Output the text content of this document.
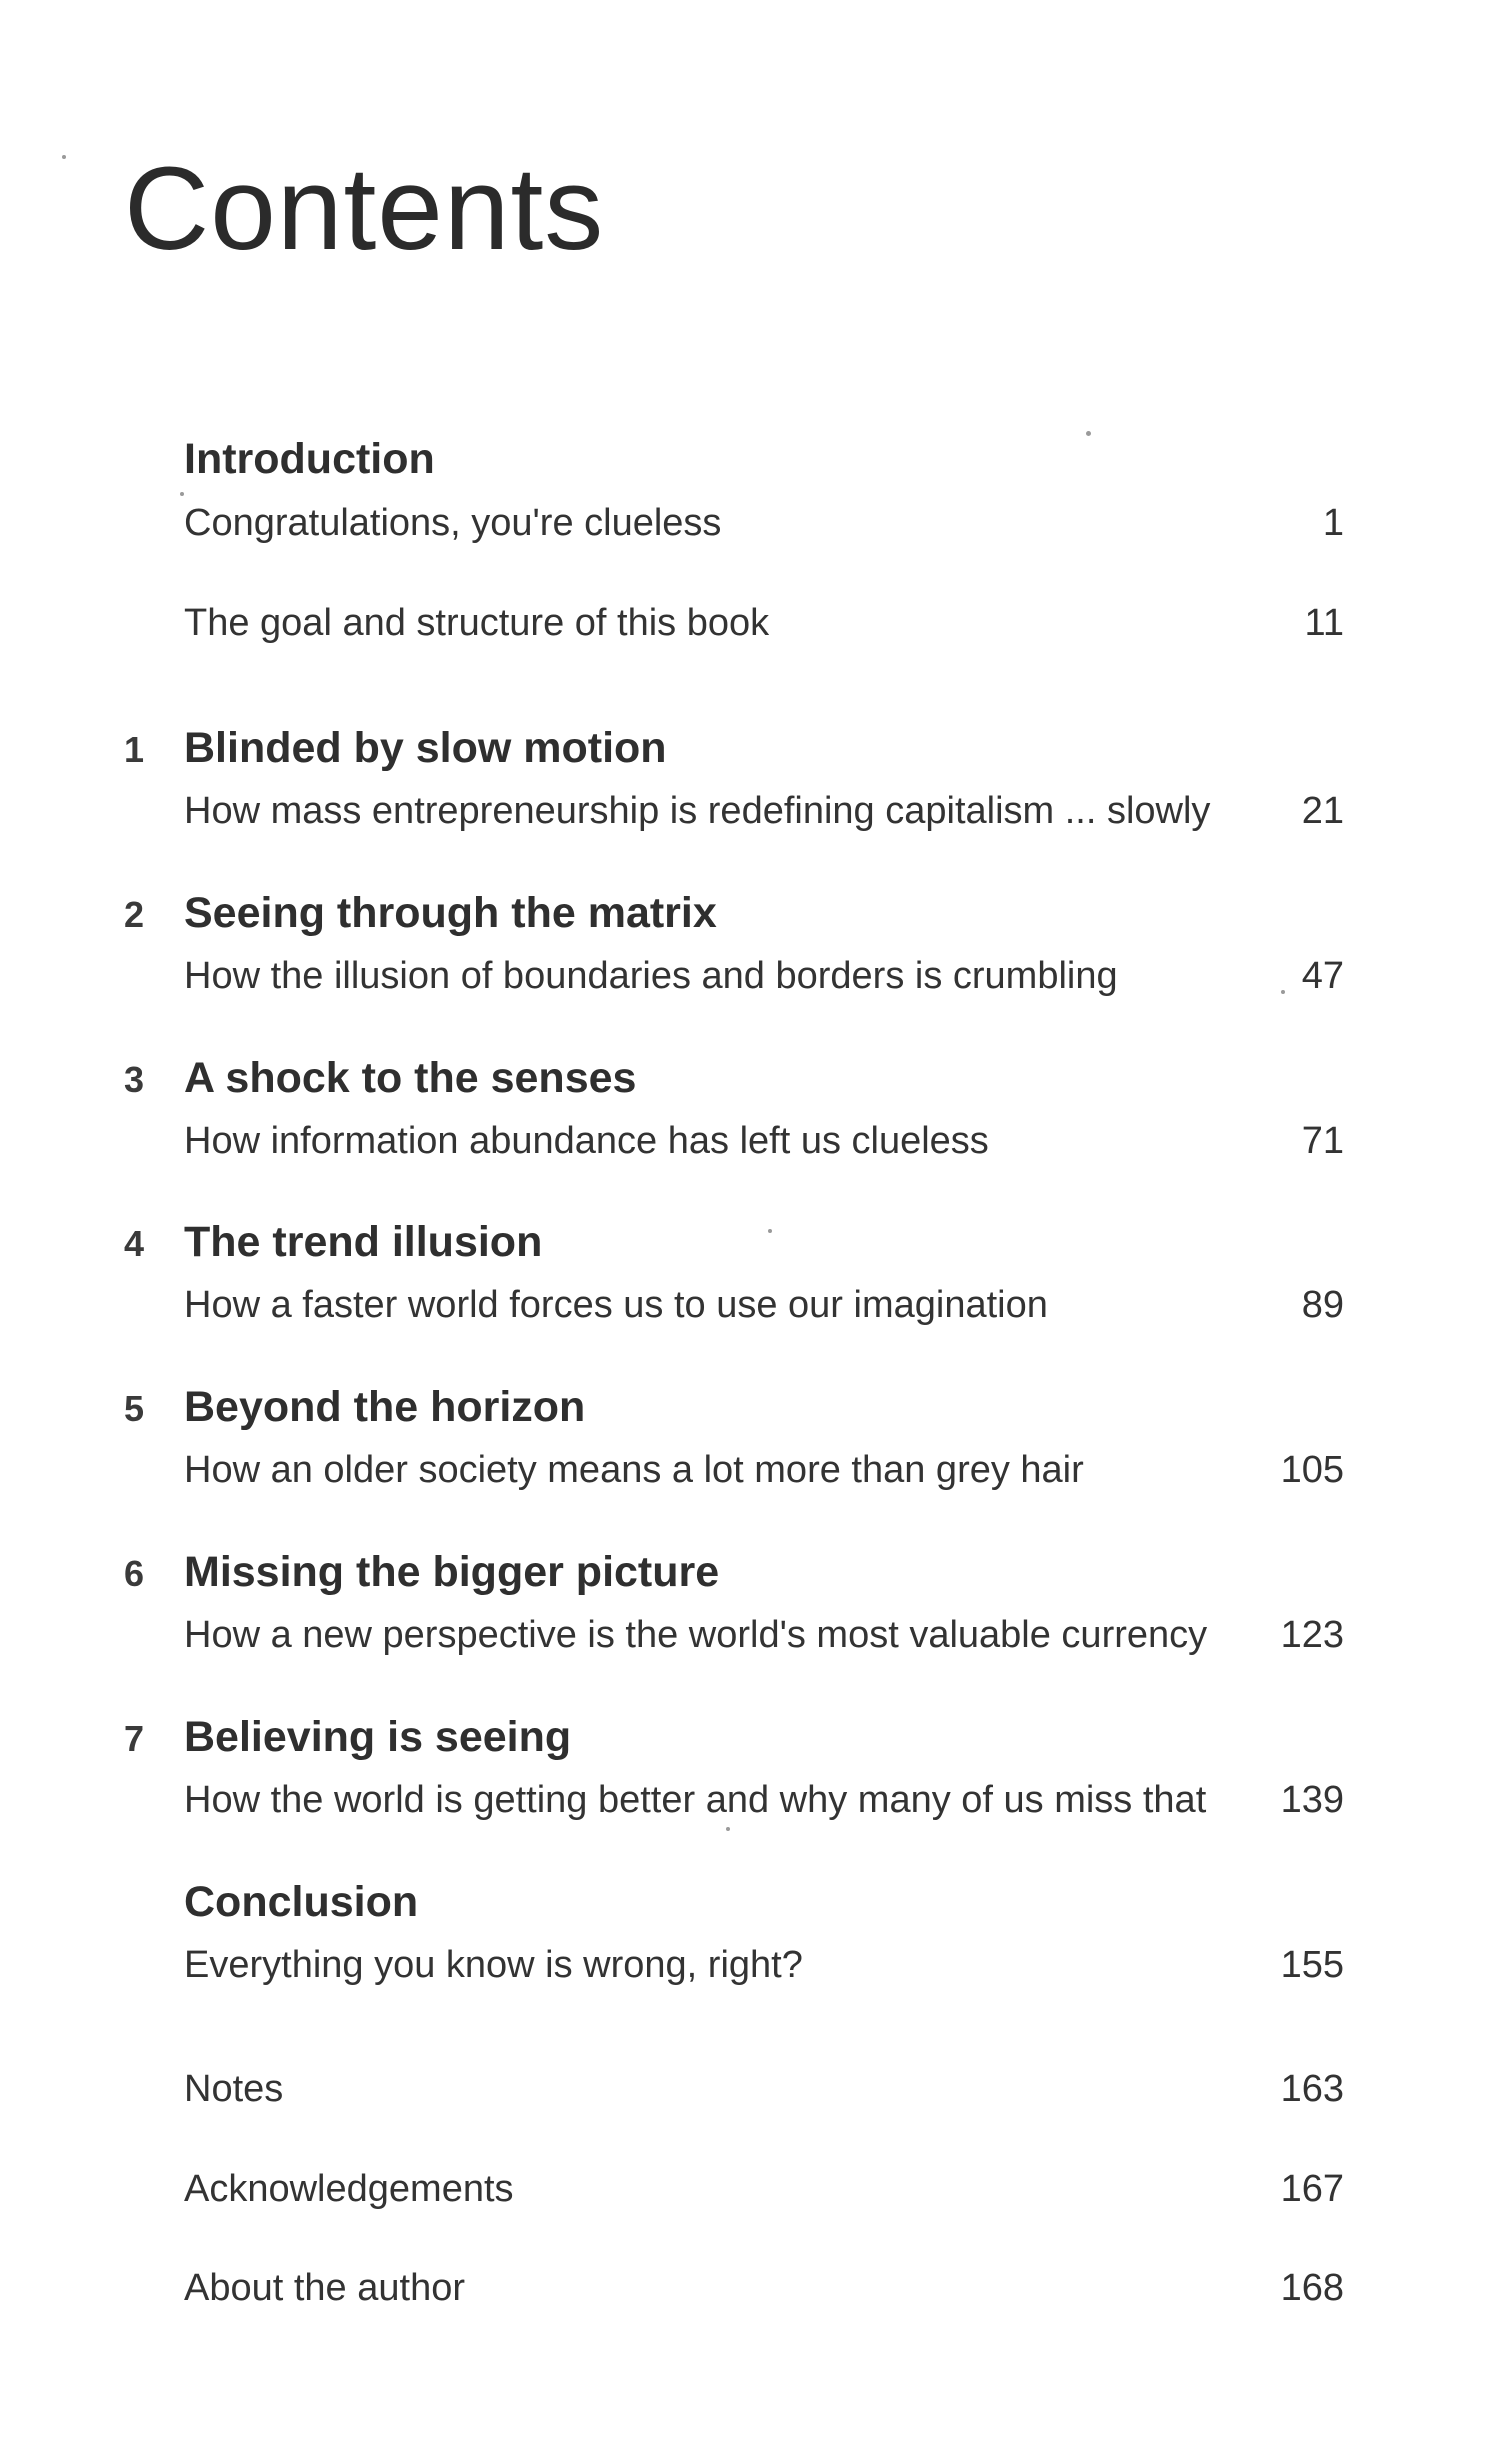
Contents
Introduction
Congratulations, you're clueless	1
The goal and structure of this book	11
1 Blinded by slow motion
How mass entrepreneurship is redefining capitalism ... slowly 21
2 Seeing through the matrix
How the illusion of boundaries and borders is crumbling	47
3 A shock to the senses
How information abundance has left us clueless	71
4 The trend illusion
How a faster world forces us to use our imagination	89
5 Beyond the horizon
How an older society means a lot more than grey hair	105
6 Missing the bigger picture
How a new perspective is the world's most valuable currency 123
7 Believing is seeing
How the world is getting better and why many of us miss that 139
Conclusion
Everything you know is wrong, right?	155
Notes	163
Acknowledgements	167
About the author	168
